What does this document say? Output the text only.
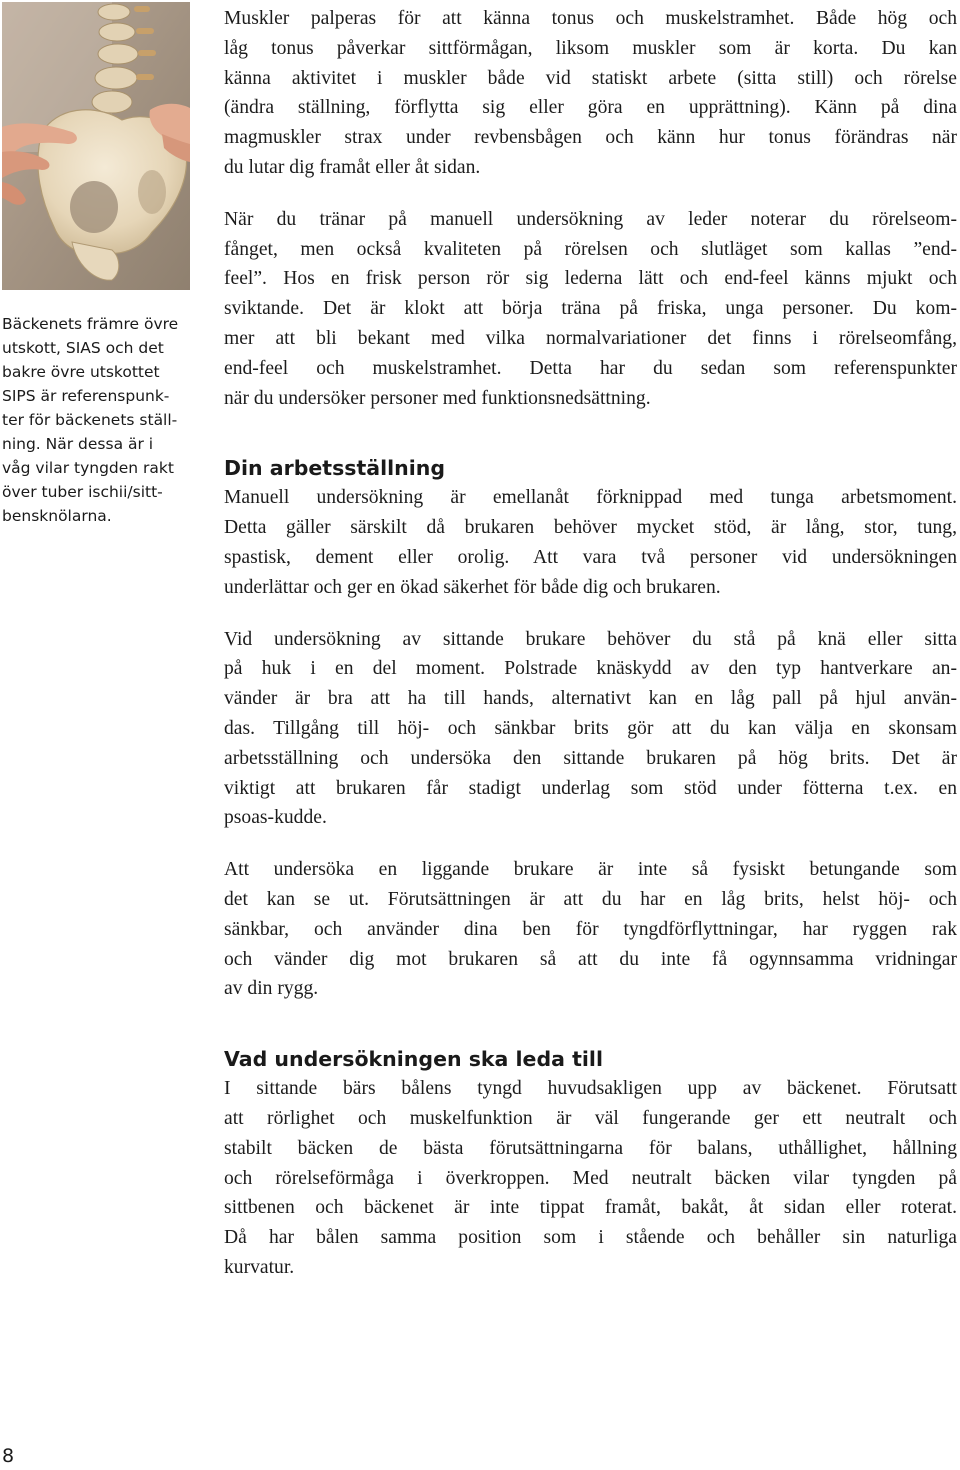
Bäckenets främre övre
utskott, SIAS och det
bakre övre utskottet
SIPS är referenspunk-
ter för bäckenets ställ-
ning. När dessa är i
våg vilar tyngden rakt
över tuber ischii/sitt-
bensknölarna.

Muskler palperas för att känna tonus och muskelstramhet. Både hög och
låg tonus påverkar sittförmågan, liksom muskler som är korta. Du kan
känna aktivitet i muskler både vid statiskt arbete (sitta still) och rörelse
(ändra ställning, förflytta sig eller göra en upprättning). Känn på dina
magmuskler strax under revbensbågen och känn hur tonus förändras när
du lutar dig framåt eller åt sidan.

När du tränar på manuell undersökning av leder noterar du rörelseom-
fånget, men också kvaliteten på rörelsen och slutläget som kallas ”end-
feel”. Hos en frisk person rör sig lederna lätt och end-feel känns mjukt och
sviktande. Det är klokt att börja träna på friska, unga personer. Du kom-
mer att bli bekant med vilka normalvariationer det finns i rörelseomfång,
end-feel och muskelstramhet. Detta har du sedan som referenspunkter
när du undersöker personer med funktionsnedsättning.

Din arbetsställning

Manuell undersökning är emellanåt förknippad med tunga arbetsmoment.
Detta gäller särskilt då brukaren behöver mycket stöd, är lång, stor, tung,
spastisk, dement eller orolig. Att vara två personer vid undersökningen
underlättar och ger en ökad säkerhet för både dig och brukaren.

Vid undersökning av sittande brukare behöver du stå på knä eller sitta
på huk i en del moment. Polstrade knäskydd av den typ hantverkare an-
vänder är bra att ha till hands, alternativt kan en låg pall på hjul använ-
das. Tillgång till höj- och sänkbar brits gör att du kan välja en skonsam
arbetsställning och undersöka den sittande brukaren på hög brits. Det är
viktigt att brukaren får stadigt underlag som stöd under fötterna t.ex. en
psoas-kudde.

Att undersöka en liggande brukare är inte så fysiskt betungande som
det kan se ut. Förutsättningen är att du har en låg brits, helst höj- och
sänkbar, och använder dina ben för tyngdförflyttningar, har ryggen rak
och vänder dig mot brukaren så att du inte få ogynnsamma vridningar
av din rygg.

Vad undersökningen ska leda till

I sittande bärs bålens tyngd huvudsakligen upp av bäckenet. Förutsatt
att rörlighet och muskelfunktion är väl fungerande ger ett neutralt och
stabilt bäcken de bästa förutsättningarna för balans, uthållighet, hållning
och rörelseförmåga i överkroppen. Med neutralt bäcken vilar tyngden på
sittbenen och bäckenet är inte tippat framåt, bakåt, åt sidan eller roterat.
Då har bålen samma position som i stående och behåller sin naturliga
kurvatur.

8
